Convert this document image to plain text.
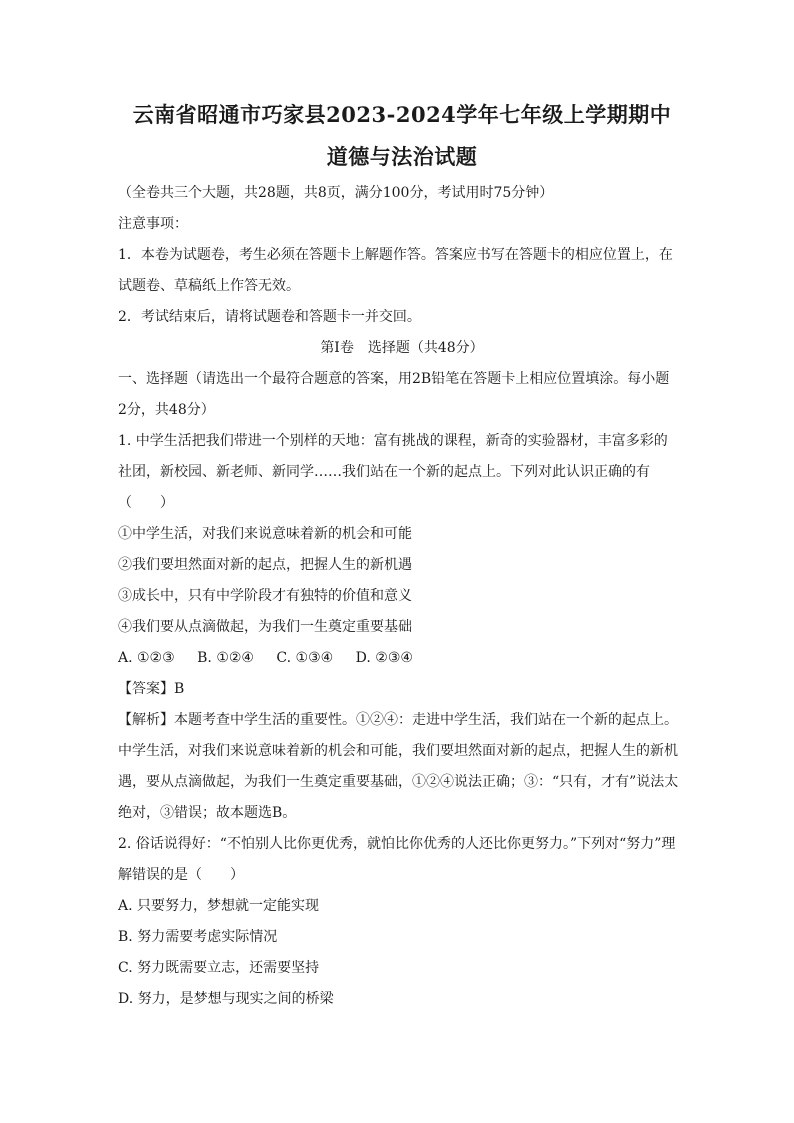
云南省昭通市巧家县2023-2024学年七年级上学期期中
道德与法治试题
（全卷共三个大题，共28题，共8页，满分100分，考试用时75分钟）
注意事项：
1．本卷为试题卷，考生必须在答题卡上解题作答。答案应书写在答题卡的相应位置上，在
试题卷、草稿纸上作答无效。
2．考试结束后，请将试题卷和答题卡一并交回。
第Ⅰ卷　选择题（共48分）
一、选择题（请选出一个最符合题意的答案，用2B铅笔在答题卡上相应位置填涂。每小题
2分，共48分）
1. 中学生活把我们带进一个别样的天地：富有挑战的课程，新奇的实验器材，丰富多彩的
社团，新校园、新老师、新同学……我们站在一个新的起点上。下列对此认识正确的有
（　　）
①中学生活，对我们来说意味着新的机会和可能
②我们要坦然面对新的起点，把握人生的新机遇
③成长中，只有中学阶段才有独特的价值和意义
④我们要从点滴做起，为我们一生奠定重要基础
A. ①②③ B. ①②④ C. ①③④ D. ②③④
【答案】B
【解析】本题考查中学生活的重要性。①②④：走进中学生活，我们站在一个新的起点上。
中学生活，对我们来说意味着新的机会和可能，我们要坦然面对新的起点，把握人生的新机
遇，要从点滴做起，为我们一生奠定重要基础，①②④说法正确；③：“只有，才有”说法太
绝对，③错误；故本题选B。
2. 俗话说得好：“不怕别人比你更优秀，就怕比你优秀的人还比你更努力。”下列对“努力”理
解错误的是（　　）
A. 只要努力，梦想就一定能实现
B. 努力需要考虑实际情况
C. 努力既需要立志，还需要坚持
D. 努力，是梦想与现实之间的桥梁
